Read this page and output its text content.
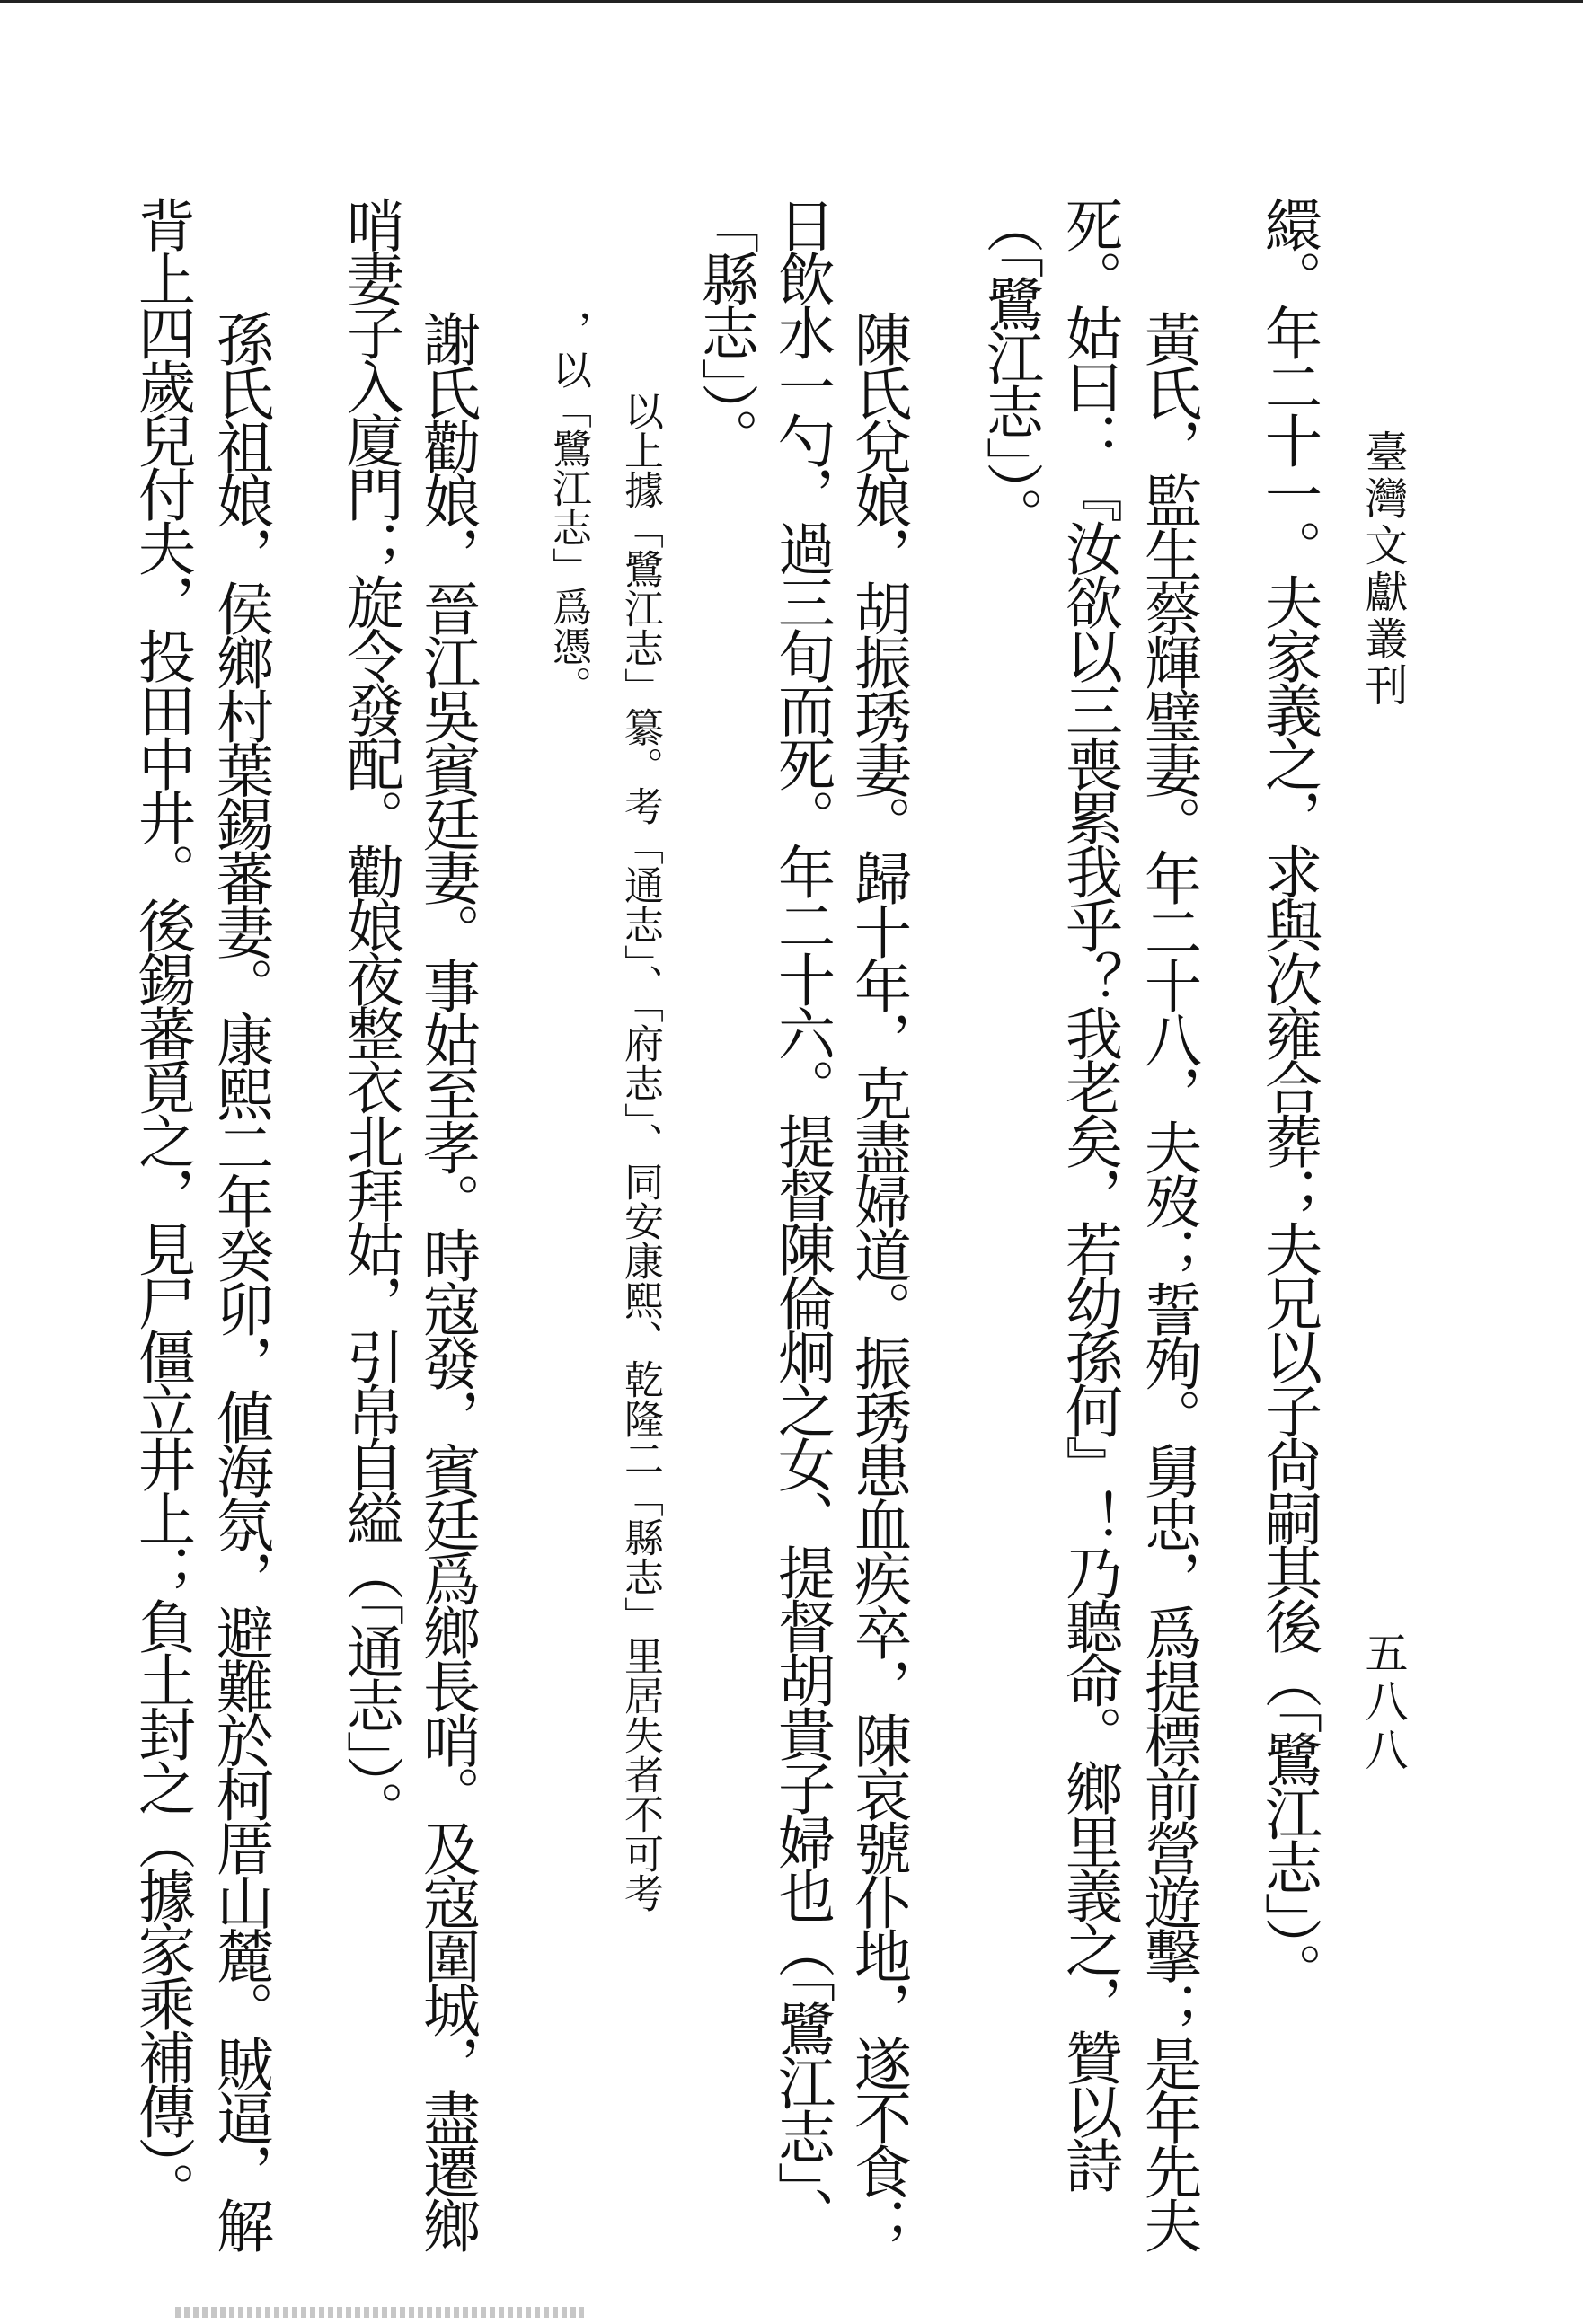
臺灣文獻叢刊
五八八
繯。年二十一。夫家義之，求與次雍合葬；夫兄以子尙嗣其後（「鷺江志」）。
黃氏，監生蔡輝璧妻。年二十八，夫歿；誓殉。舅忠，爲提標前營遊擊；是年先夫
死。姑曰：『汝欲以三喪累我乎？我老矣，若幼孫何』！乃聽命。鄉里義之，贊以詩
（「鷺江志」）。
陳氏兌娘，胡振琇妻。歸十年，克盡婦道。振琇患血疾卒，陳哀號仆地，遂不食；
日飲水一勺，過三旬而死。年二十六。提督陳倫炯之女、提督胡貴子婦也（「鷺江志」、
「縣志」）。
以上據「鷺江志」纂。考「通志」、「府志」、同安康熙、乾隆二「縣志」里居失者不可考
，以「鷺江志」爲憑。
謝氏勸娘，晉江吳賓廷妻。事姑至孝。時寇發，賓廷爲鄉長哨。及寇圍城，盡遷鄉
哨妻子入廈門；旋令發配。勸娘夜整衣北拜姑，引帛自縊（「通志」）。
孫氏祖娘，侯鄉村葉錫蕃妻。康熙二年癸卯，値海氛，避難於柯厝山麓。賊逼，解
背上四歲兒付夫，投田中井。後錫蕃覓之，見尸僵立井上；負土封之（據家乘補傳）。
